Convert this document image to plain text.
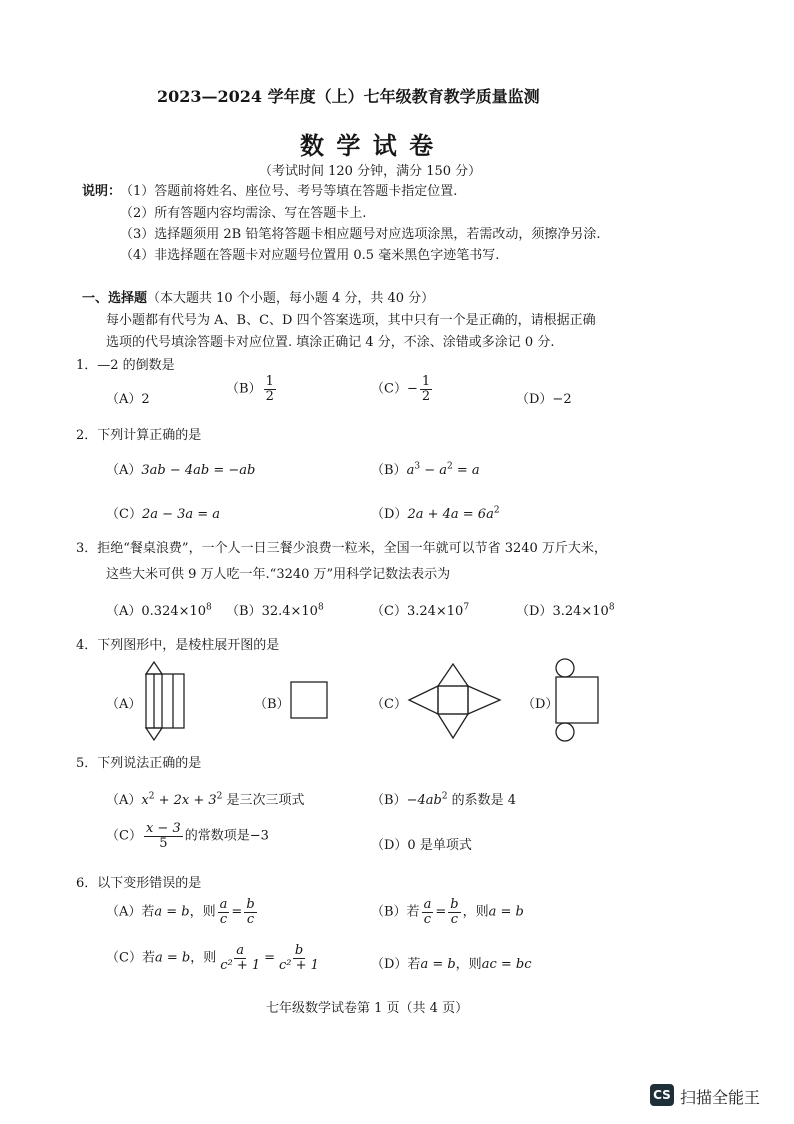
2023—2024 学年度（上）七年级教育教学质量监测
数 学 试 卷
（考试时间 120 分钟，满分 150 分）
说明：
（1）答题前将姓名、座位号、考号等填在答题卡指定位置.
（2）所有答题内容均需涂、写在答题卡上.
（3）选择题须用 2B 铅笔将答题卡相应题号对应选项涂黑，若需改动，须擦净另涂.
（4）非选择题在答题卡对应题号位置用 0.5 毫米黑色字迹笔书写.
一、选择题（本大题共 10 个小题，每小题 4 分，共 40 分）
每小题都有代号为 A、B、C、D 四个答案选项，其中只有一个是正确的，请根据正确
选项的代号填涂答题卡对应位置. 填涂正确记 4 分，不涂、涂错或多涂记 0 分.
1．—2 的倒数是
（A）2
$(B) \frac{1}{2}$	$(C)- \frac{1}{2}$	（D）−2
2．下列计算正确的是
（A）3ab − 4ab = −ab	$(B)a^3 - a^2 = a$
（C）2a − 3a = a	$(D)2a + 4a = 6a^2$
3．拒绝“餐桌浪费”，一个人一日三餐少浪费一粒米，全国一年就可以节省 3240 万斤大米，
这些大米可供 9 万人吃一年.“3240 万”用科学记数法表示为
$(A)0.324\times 10^8$ $(B)32.4\times 10^8$	$(C)3.24\times 10^7$	$(D)3.24\times 10^8$
4．下列图形中，是棱柱展开图的是
（A）	（B）	（C）	（D）
5．下列说法正确的是
$(A)x^2 + 2x + 3^2$ 是三次三项式	$(B)-4ab^2$ 的系数是 4
$(C) \frac{x - 3}{5}$ 的常数项是−3
（D）0 是单项式
6．以下变形错误的是
（A）若a = b，则 $\frac{a}{c} = \frac{b}{c}$	（B）若 $\frac{a}{c} = \frac{b}{c}$ ，则a = b
（C）若a = b，则 $\frac{a}{\text{c² + 1}} = \frac{b}{\text{c² + 1}}$	（D）若a = b，则ac = bc
七年级数学试卷第 1 页（共 4 页）
CS 扫描全能王
